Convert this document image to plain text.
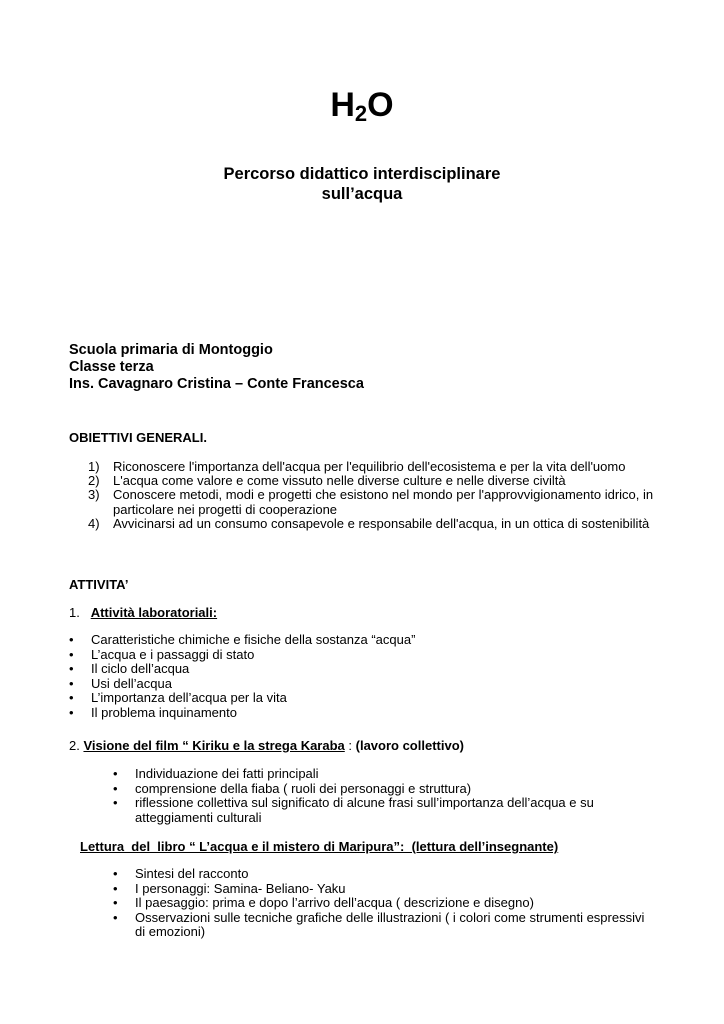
$H_2O$
Percorso didattico interdisciplinare
sull’acqua
Scuola primaria di Montoggio
Classe terza
Ins. Cavagnaro Cristina – Conte Francesca
OBIETTIVI GENERALI.
1)	Riconoscere l'importanza dell'acqua per l'equilibrio dell'ecosistema e per la vita dell'uomo
2)	L'acqua come valore e come vissuto nelle diverse culture e nelle diverse civiltà
3)	Conoscere metodi, modi e progetti che esistono nel mondo per l'approvvigionamento idrico, in particolare nei progetti di cooperazione
4)	Avvicinarsi ad un consumo consapevole e responsabile dell'acqua, in un ottica di sostenibilità
ATTIVITA’
1. Attività laboratoriali:
•	Caratteristiche chimiche e fisiche della sostanza “acqua”
•	L’acqua e i passaggi di stato
•	Il ciclo dell’acqua
•	Usi dell’acqua
•	L’importanza dell’acqua per la vita
•	Il problema inquinamento
2. Visione del film “ Kiriku e la strega Karaba : (lavoro collettivo)
•	Individuazione dei fatti principali
•	comprensione della fiaba ( ruoli dei personaggi e struttura)
•	riflessione collettiva sul significato di alcune frasi sull’importanza dell’acqua e su atteggiamenti culturali
Lettura  del  libro “ L’acqua e il mistero di Maripura”:  (lettura dell’insegnante)
•	Sintesi del racconto
•	I personaggi: Samina- Beliano- Yaku
•	Il paesaggio: prima e dopo l’arrivo dell’acqua ( descrizione e disegno)
•	Osservazioni sulle tecniche grafiche delle illustrazioni ( i colori come strumenti espressivi di emozioni)
